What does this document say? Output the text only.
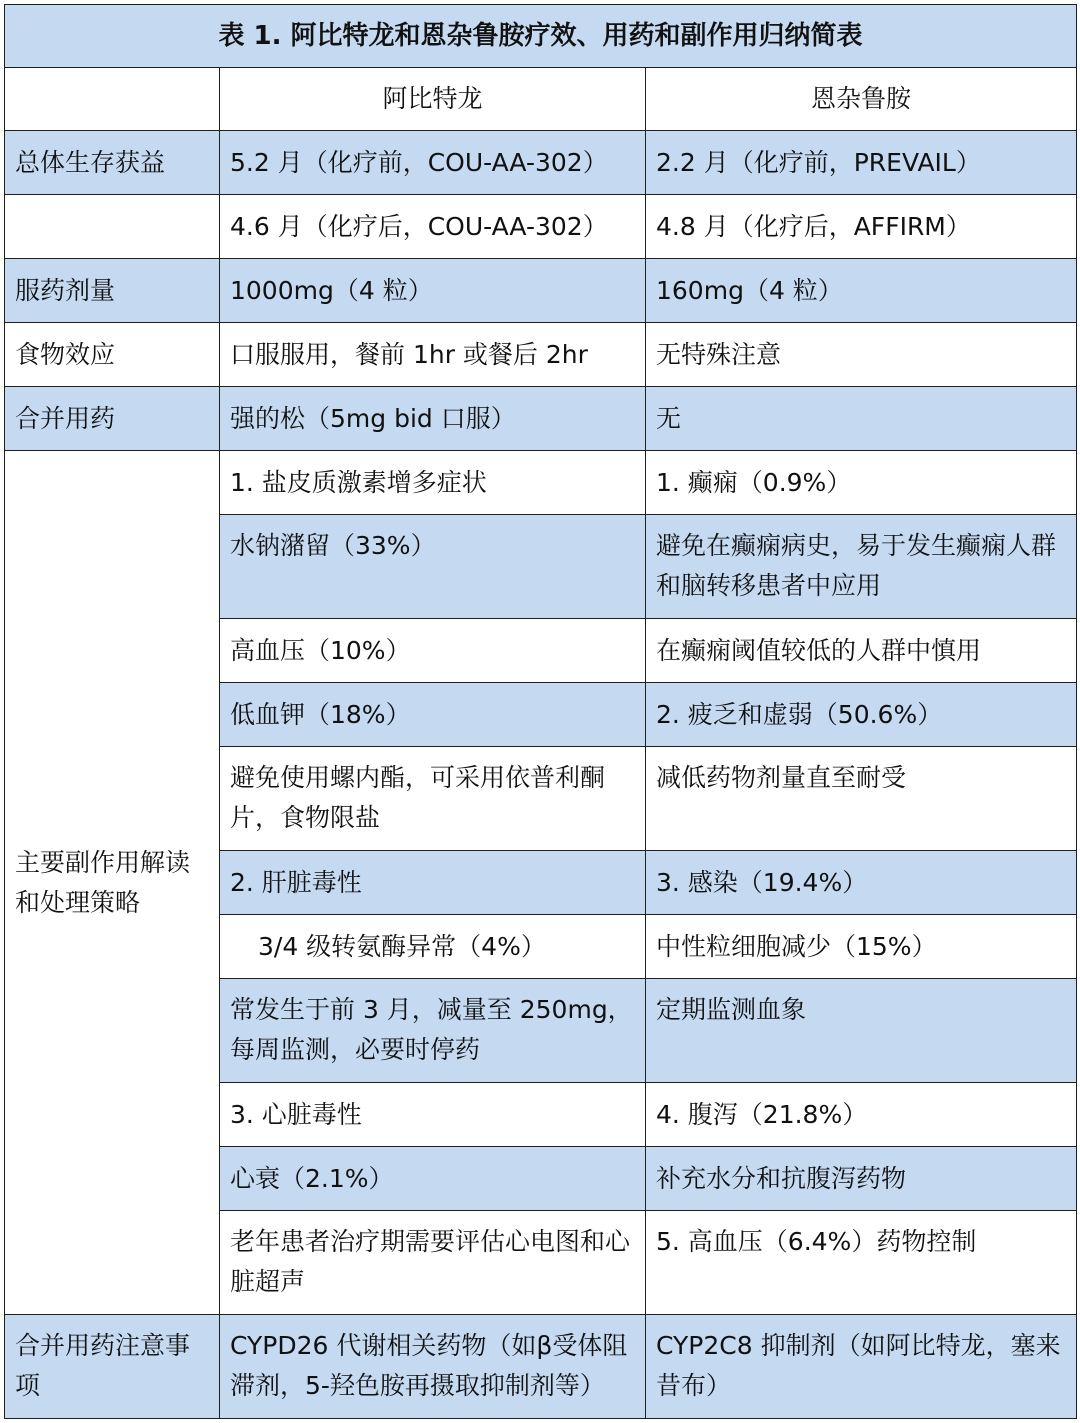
表 1. 阿比特龙和恩杂鲁胺疗效、用药和副作用归纳简表		
	阿比特龙	恩杂鲁胺
总体生存获益	5.2 月（化疗前，COU-AA-302）	2.2 月（化疗前，PREVAIL）
	4.6 月（化疗后，COU-AA-302）	4.8 月（化疗后，AFFIRM）
服药剂量	1000mg（4 粒）	160mg（4 粒）
食物效应	口服服用，餐前 1hr 或餐后 2hr	无特殊注意
合并用药	强的松（5mg bid 口服）	无
主要副作用解读和处理策略	1. 盐皮质激素增多症状	1. 癫痫（0.9%）
	水钠潴留（33%）	避免在癫痫病史，易于发生癫痫人群和脑转移患者中应用
	高血压（10%）	在癫痫阈值较低的人群中慎用
	低血钾（18%）	2. 疲乏和虚弱（50.6%）
	避免使用螺内酯，可采用依普利酮片，食物限盐	减低药物剂量直至耐受
	2. 肝脏毒性	3. 感染（19.4%）
	3/4 级转氨酶异常（4%）	中性粒细胞减少（15%）
	常发生于前 3 月，减量至 250mg，每周监测，必要时停药	定期监测血象
	3. 心脏毒性	4. 腹泻（21.8%）
	心衰（2.1%）	补充水分和抗腹泻药物
	老年患者治疗期需要评估心电图和心脏超声	5. 高血压（6.4%）药物控制
合并用药注意事项	CYPD26 代谢相关药物（如β受体阻滞剂，5-羟色胺再摄取抑制剂等）	CYP2C8 抑制剂（如阿比特龙，塞来昔布）
